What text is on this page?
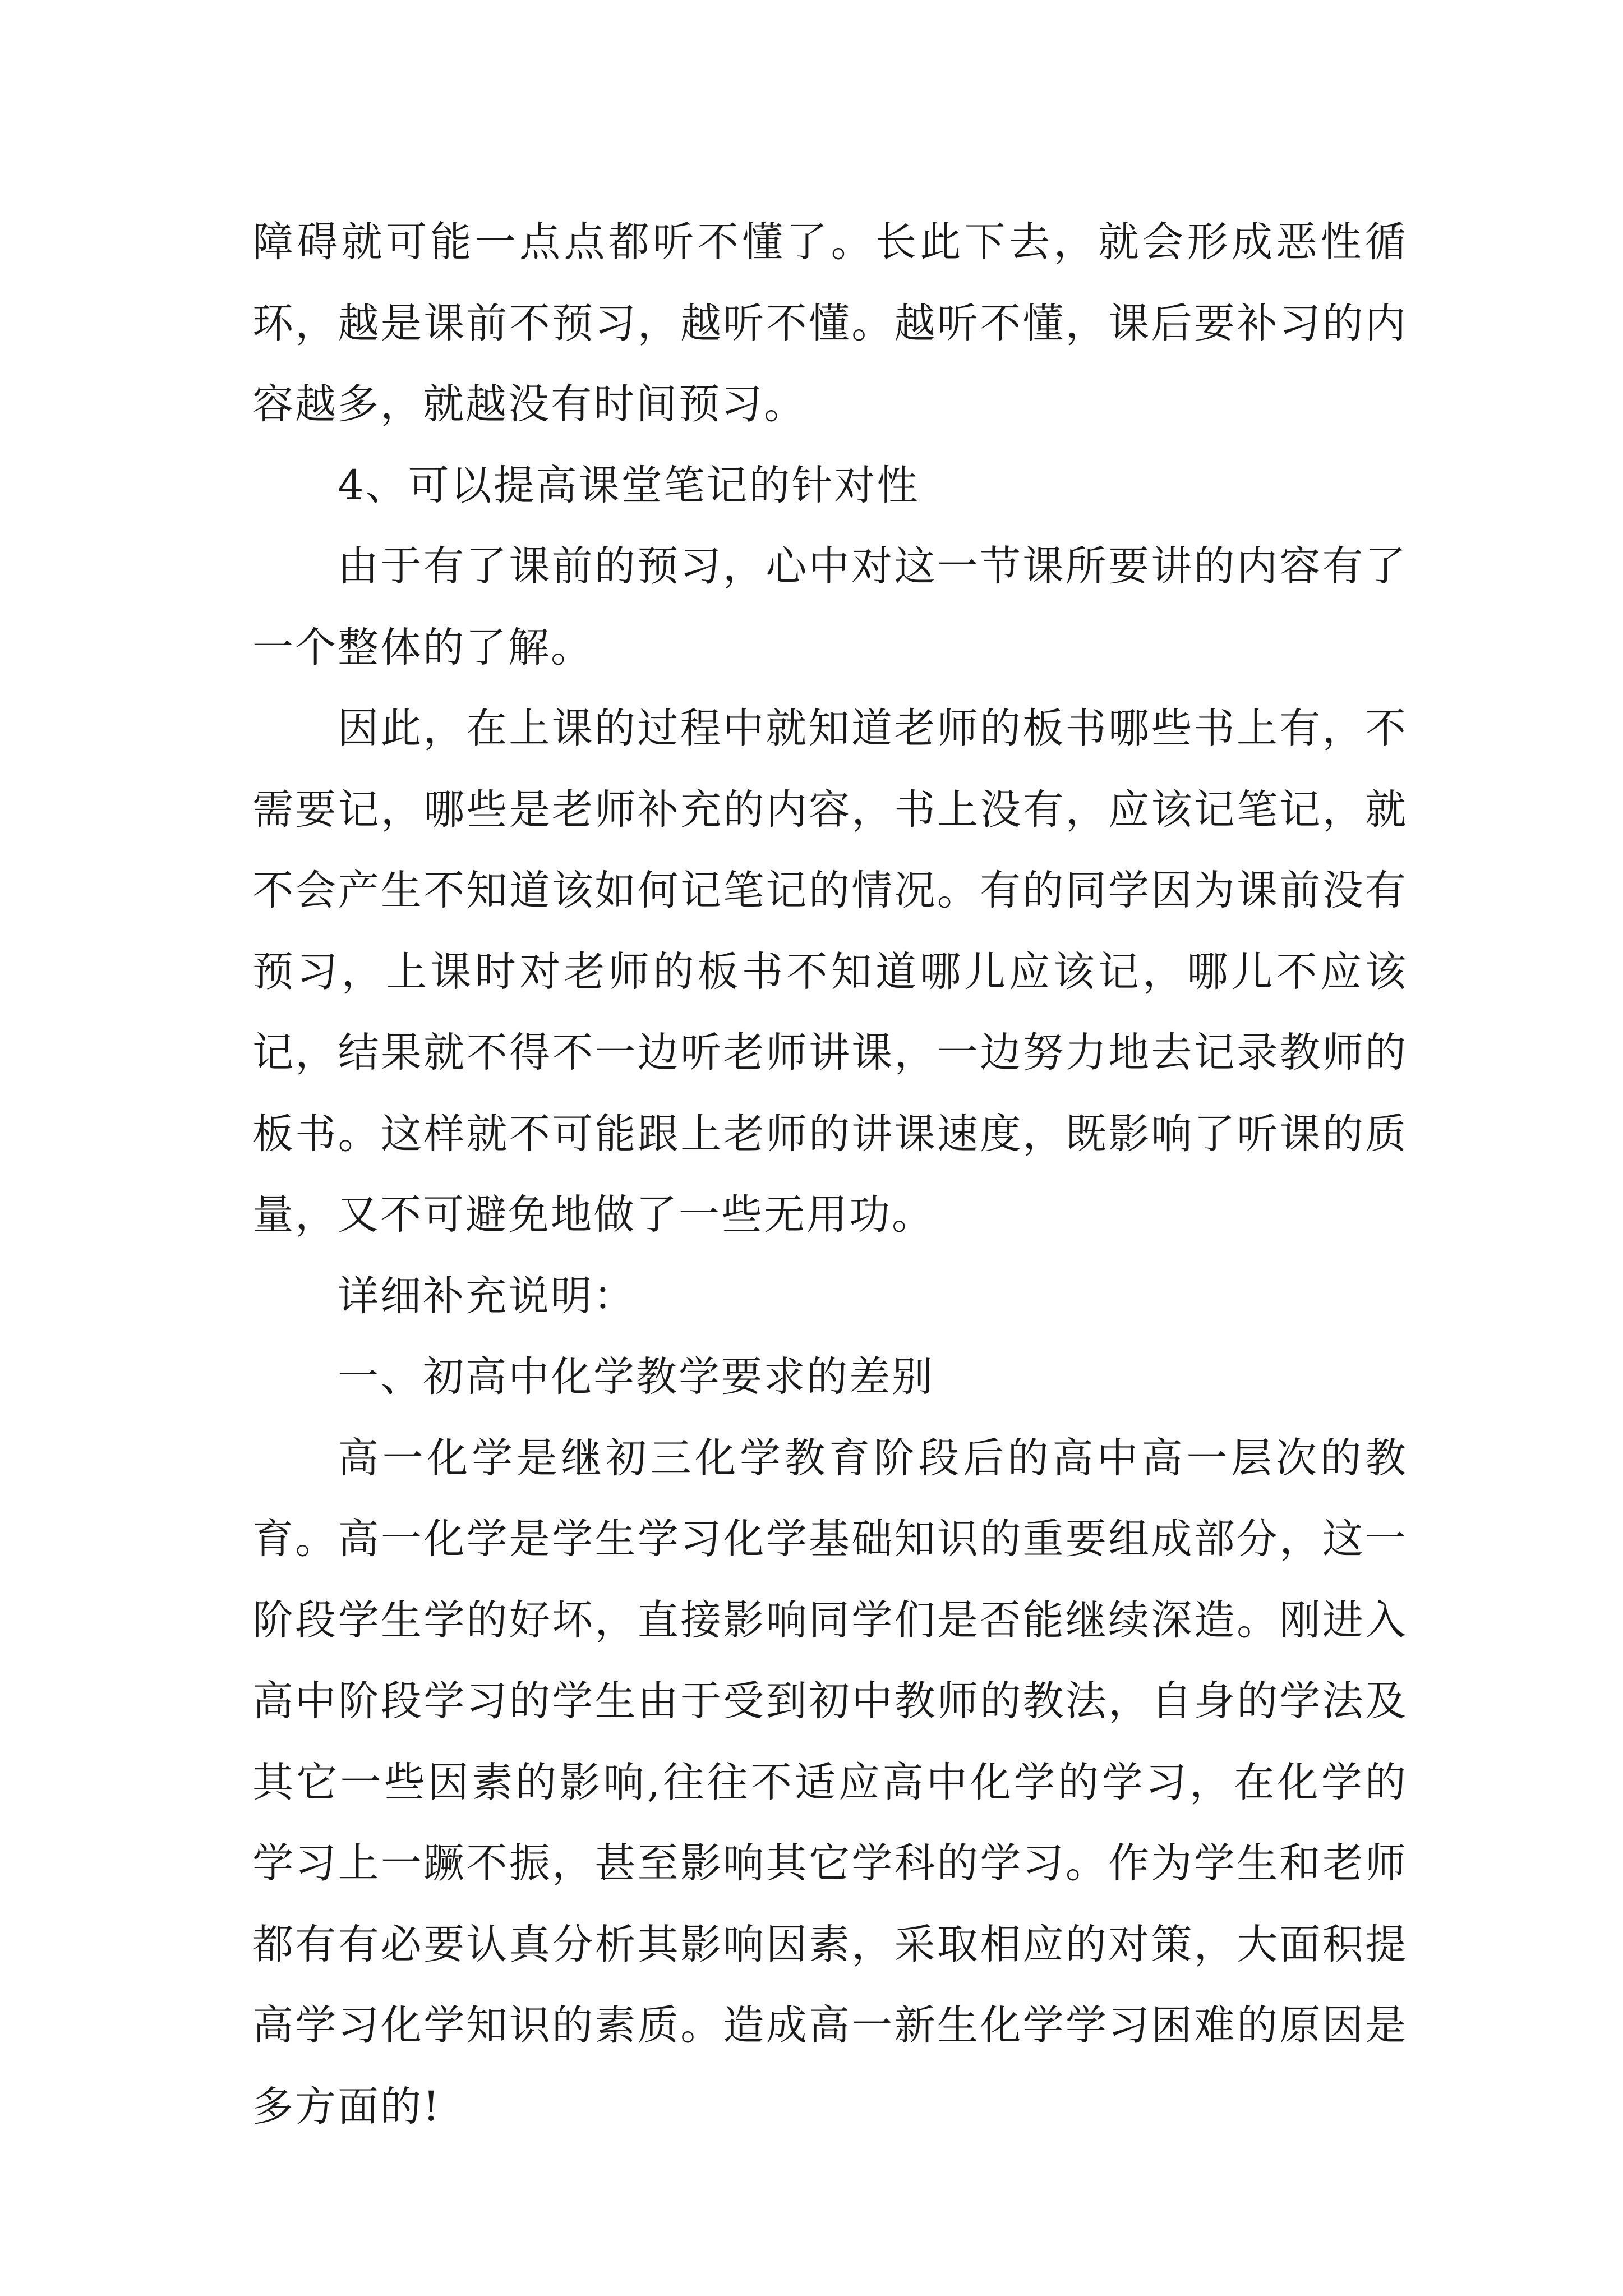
障碍就可能一点点都听不懂了。长此下去，就会形成恶性循环，越是课前不预习，越听不懂。越听不懂，课后要补习的内容越多，就越没有时间预习。

4、可以提高课堂笔记的针对性

由于有了课前的预习，心中对这一节课所要讲的内容有了一个整体的了解。

因此，在上课的过程中就知道老师的板书哪些书上有，不需要记，哪些是老师补充的内容，书上没有，应该记笔记，就不会产生不知道该如何记笔记的情况。有的同学因为课前没有预习，上课时对老师的板书不知道哪儿应该记，哪儿不应该记，结果就不得不一边听老师讲课，一边努力地去记录教师的板书。这样就不可能跟上老师的讲课速度，既影响了听课的质量，又不可避免地做了一些无用功。

详细补充说明：

一、初高中化学教学要求的差别

高一化学是继初三化学教育阶段后的高中高一层次的教育。高一化学是学生学习化学基础知识的重要组成部分，这一阶段学生学的好坏，直接影响同学们是否能继续深造。刚进入高中阶段学习的学生由于受到初中教师的教法，自身的学法及其它一些因素的影响,往往不适应高中化学的学习，在化学的学习上一蹶不振，甚至影响其它学科的学习。作为学生和老师都有有必要认真分析其影响因素，采取相应的对策，大面积提高学习化学知识的素质。造成高一新生化学学习困难的原因是多方面的!
